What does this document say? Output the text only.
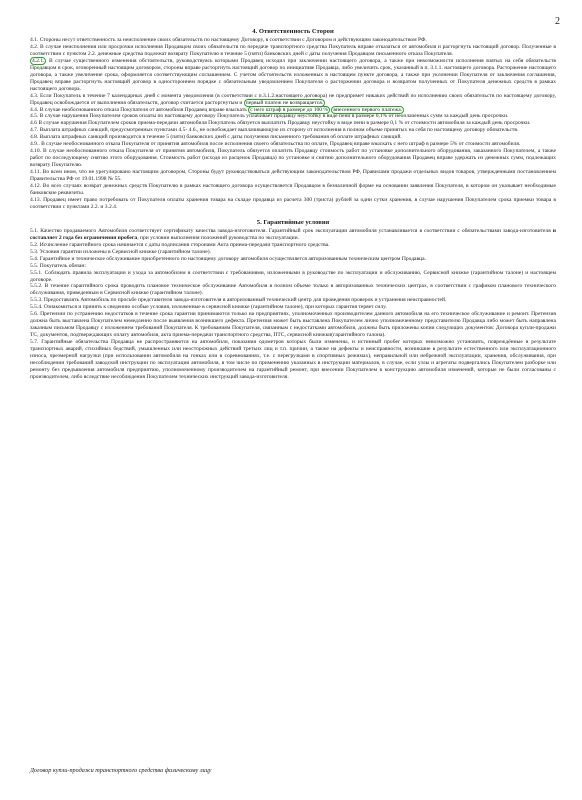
2
4. Ответственность Сторон

4.1. Стороны несут ответственность за неисполнение своих обязательств по настоящему Договору, в соответствии с Договором и действующим законодательством РФ.

4.2. В случае неисполнения или просрочки исполнения Продавцом своих обязательств по передаче транспортного средства Покупатель вправе отказаться от автомобиля и расторгнуть настоящий договор. Полученные в соответствии с пунктом 2.2. денежные средства подлежат возврату Покупателю в течение 5 (пяти) банковских дней с даты получения Продавцом письменного отказа Покупателя.

4.2.1. В случае существенного изменения обстоятельств, руководствуясь которыми Продавец исходил при заключении настоящего договора, а также при невозможности исполнения взятых на себя обязательств Продавцом в срок, оговоренный настоящим договором, стороны вправе расторгнуть настоящий договор по инициативе Продавца, либо увеличить срок, указанный в п. 3.1.1. настоящего договора. Расторжение настоящего договора, а также увеличение срока, оформляется соответствующим соглашением. С учетом обстоятельств изложенных в настоящем пункте договора, а также при уклонении Покупателя от заключения соглашения, Продавец вправе расторгнуть настоящий договор в одностороннем порядке с обязательным уведомлением Покупателя о расторжении договора и возвратом полученных от Покупателя денежных средств в рамках настоящего договора.

4.3. Если Покупатель в течение 7 календарных дней с момента уведомления (в соответствии с п.3.1.2.настоящего договора) не предпримет никаких действий по исполнению своих обязательств по настоящему договору, Продавец освобождается от выполнения обязательств, договор считается расторгнутым и первый платеж не возвращается.

4.4. В случае необоснованного отказа Покупателя от автомобиля Продавец вправе взыскать с него штраф в размере до 100 % внесенного первого платежа.

4.5. В случае нарушения Покупателем сроков оплаты по настоящему договору Покупатель уплачивает продавцу неустойку в виде пени в размере 0,1% от неоплаченных сумм за каждый день просрочки.

4.6 В случае нарушения Покупателем сроков приема-передачи автомобиля Покупатель обязуется выплатить Продавцу неустойку в виде пени в размере 0,1 % от стоимости автомобиля за каждый день просрочки.

4.7. Выплата штрафных санкций, предусмотренных пунктами 4.5- 4.6., не освобождает выплачивающую их сторону от исполнения в полном объеме принятых на себя по настоящему договору обязательств.

4.8. Выплата штрафных санкций производится в течение 5 (пяти) банковских дней с даты получения письменного требования об оплате штрафных санкций.

4.9.. В случае необоснованного отказа Покупателя от принятия автомобиля после исполнения своего обязательства по оплате, Продавец вправе взыскать с него штраф в размере 5% от стоимости автомобиля.

4.10. В случае необоснованного отказа Покупателя от принятия автомобиля, Покупатель обязуется оплатить Продавцу стоимость работ по установке дополнительного оборудования, заказанного Покупателем, а также работ по последующему снятию этого оборудования. Стоимость работ (исходя из расценок Продавца) по установке и снятию дополнительного оборудования Продавец вправе удержать из денежных сумм, подлежащих возврату Покупателю.

4.11. Во всем ином, что не урегулировано настоящим договором, Стороны будут руководствоваться действующим законодательством РФ, Правилами продажи отдельных видов товаров, утвержденными постановлением Правительства РФ от 19.01.1998 № 55.

4.12. Во всех случаях возврат денежных средств Покупателю в рамках настоящего договора осуществляется Продавцом в безналичной форме на основании заявления Покупателя, в котором он указывает необходимые банковские реквизиты.

4.13. Продавец имеет право потребовать от Покупателя оплаты хранения товара на складе продавца из расчета 300 (триста) рублей за одни сутки хранения, в случае нарушения Покупателем срока приемки товара в соответствии с пунктами 2.2. и 3.2.4.

5. Гарантийные условия

5.1. Качество продаваемого Автомобиля соответствует сертификату качества завода-изготовителя. Гарантийный срок эксплуатации автомобиля устанавливается в соответствии с обязательствами завода-изготовителя и составляет 2 года без ограничения пробега, при условии выполнения положений руководства по эксплуатации.

5.2. Исчисление гарантийного срока начинается с даты подписания сторонами Акта приема-передачи транспортного средства.

5.3. Условия гарантии изложены в Сервисной книжке (гарантийном талоне).

5.4. Гарантийное и техническое обслуживание приобретенного по настоящему договору автомобиля осуществляется авторизованным техническим центром Продавца.

5.5. Покупатель обязан:

5.5.1. Соблюдать правила эксплуатации и ухода за автомобилем в соответствии с требованиями, изложенными в руководстве по эксплуатации и обслуживанию, Сервисной книжке (гарантийном талоне) и настоящем договоре.

5.5.2. В течение гарантийного срока проводить плановое техническое обслуживание Автомобиля в полном объеме только в авторизованных технических центрах, в соответствии с графиком планового технического обслуживания, приведенным в Сервисной книжке (гарантийном талоне).

5.5.3. Предоставлять Автомобиль по просьбе представителя завода-изготовителя в авторизованный технический центр для проведения проверок и устранения неисправностей.

5.5.4. Ознакомиться и принять к сведению особые условия, изложенные в сервисной книжке (гарантийном талоне), при которых гарантия теряет силу.

5.6. Претензии по устранению недостатков в течение срока гарантии принимаются только на предприятиях, уполномоченных производителем данного автомобиля на его техническое обслуживание и ремонт. Претензия должна быть выставлена Покупателем немедленно после выявления возникшего дефекта. Претензия может быть выставлена Покупателем лично уполномоченному представителю Продавца либо может быть направлена заказным письмом Продавцу с изложением требований Покупателя. К требованиям Покупателя, связанным с недостатками автомобиля, должны быть приложены копии следующих документов: Договора купли-продажи ТС, документов, подтверждающих оплату автомобиля, акта приема-передачи транспортного средства, ПТС, сервисной книжки(гарантийного талона).

5.7. Гарантийные обязательства Продавца не распространяются на автомобили, показания одометров которых были изменены, и истинный пробег которых невозможно установить, повреждённые в результате транспортных аварий, стихийных бедствий, умышленных или неосторожных действий третьих лиц и т.п. причин, а также на дефекты и неисправности, возникшие в результате естественного или эксплуатационного износа, чрезмерной нагрузки (при использовании автомобиля на гонках или в соревнованиях, т.е. с перегрузками в спортивных режимах), неправильной или небрежной эксплуатации, хранения, обслуживания, при несоблюдении требований заводской инструкции по эксплуатации автомобиля, в том числе по применению указанных в инструкции материалов, в случае, если узлы и агрегаты подвергались Покупателем разборке или ремонту без предъявления автомобиля предприятию, уполномоченному производителем на гарантийный ремонт, при внесении Покупателем в конструкцию автомобиля изменений, которые не были согласованы с производителем, либо вследствие несоблюдения Покупателем технических инструкций завода-изготовителя.

Договор купли-продажи транспортного средства физическому лицу
